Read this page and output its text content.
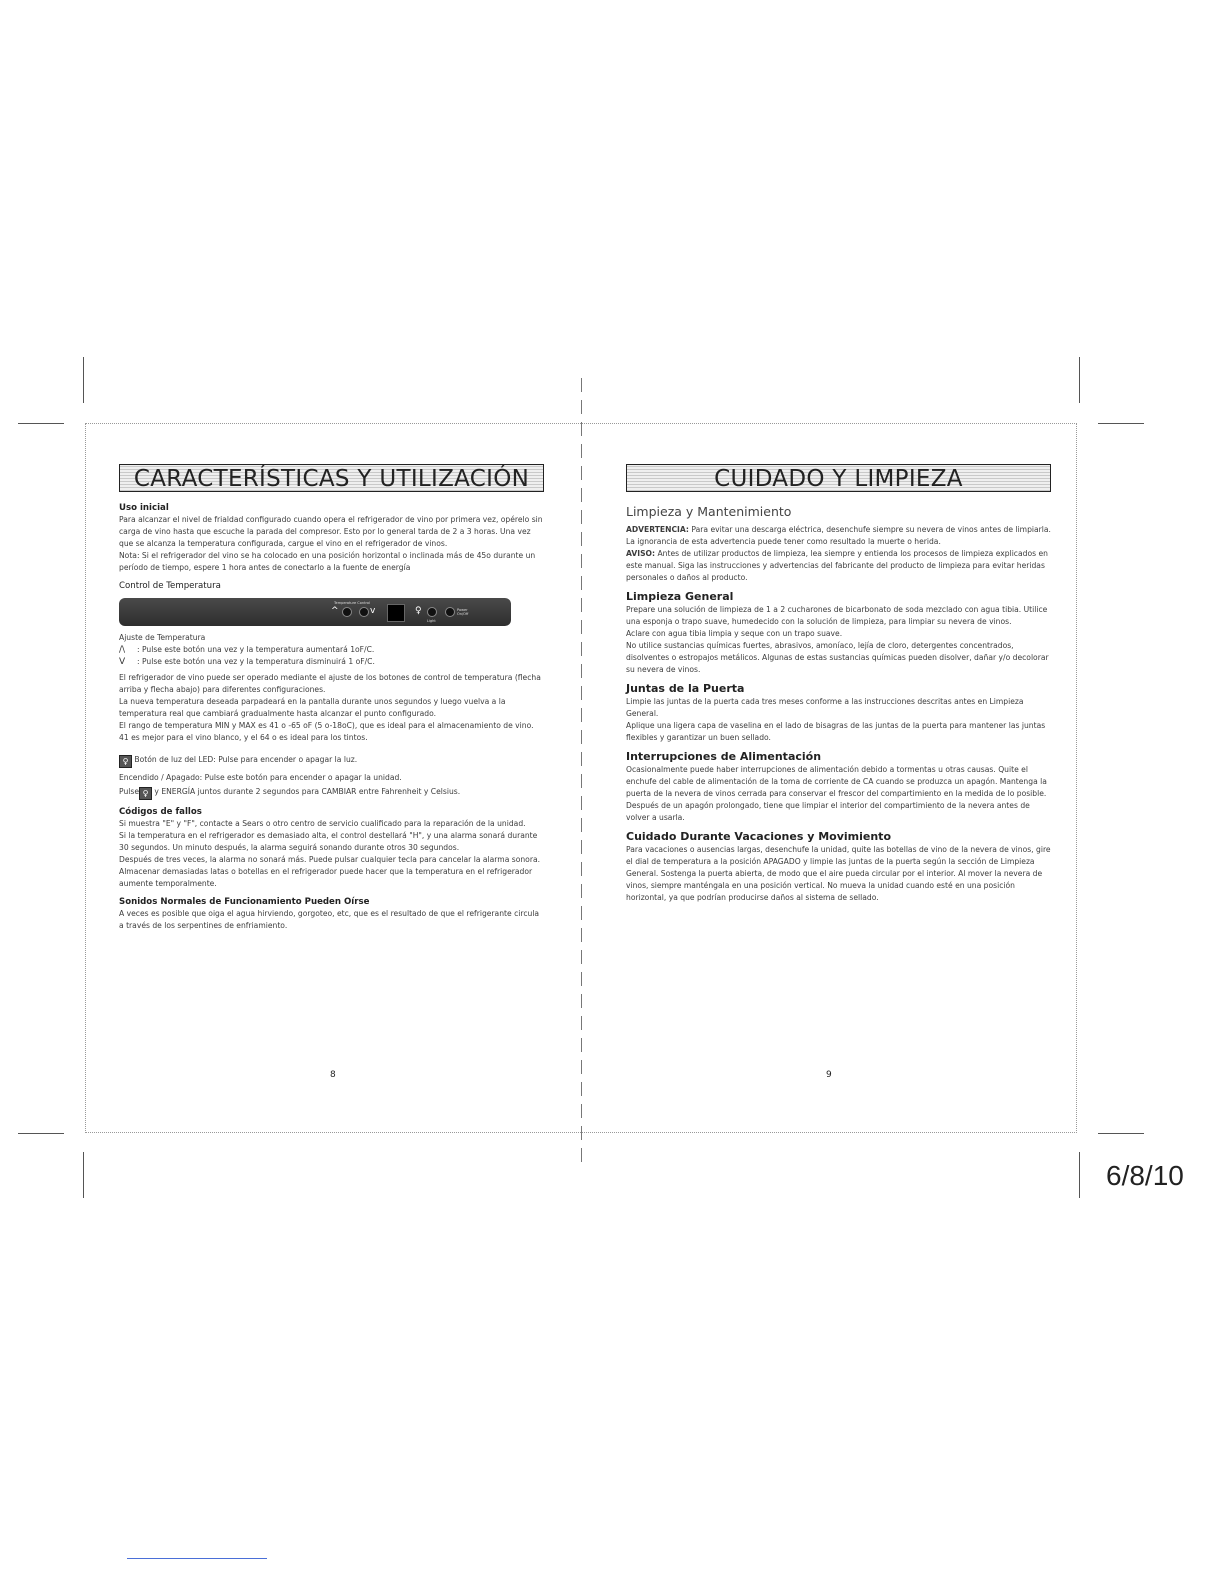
CARACTERÍSTICAS Y UTILIZACIÓN
Uso inicial

Para alcanzar el nivel de frialdad configurado cuando opera el refrigerador de vino por primera vez, opérelo sin carga de vino hasta que escuche la parada del compresor. Esto por lo general tarda de 2 a 3 horas. Una vez que se alcanza la temperatura configurada, cargue el vino en el refrigerador de vinos.

Nota: Si el refrigerador del vino se ha colocado en una posición horizontal o inclinada más de 45o durante un período de tiempo, espere 1 hora antes de conectarlo a la fuente de energía

Control de Temperatura
Temperature Control
^	v	♀
Light
Power On/Off

Ajuste de Temperatura

/\ : Pulse este botón una vez y la temperatura aumentará 1oF/C.

V : Pulse este botón una vez y la temperatura disminuirá 1 oF/C.

El refrigerador de vino puede ser operado mediante el ajuste de los botones de control de temperatura (flecha arriba y flecha abajo) para diferentes configuraciones.

La nueva temperatura deseada parpadeará en la pantalla durante unos segundos y luego vuelva a la temperatura real que cambiará gradualmente hasta alcanzar el punto configurado.

El rango de temperatura MIN y MAX es 41 o -65 oF (5 o-18oC), que es ideal para el almacenamiento de vino. 41 es mejor para el vino blanco, y el 64 o es ideal para los tintos.

♀ Botón de luz del LED: Pulse para encender o apagar la luz.

Encendido / Apagado: Pulse este botón para encender o apagar la unidad.

Pulse ♀ y ENERGÍA juntos durante 2 segundos para CAMBIAR entre Fahrenheit y Celsius.

Códigos de fallos

Si muestra "E" y "F", contacte a Sears o otro centro de servicio cualificado para la reparación de la unidad.

Si la temperatura en el refrigerador es demasiado alta, el control destellará "H", y una alarma sonará durante 30 segundos. Un minuto después, la alarma seguirá sonando durante otros 30 segundos.

Después de tres veces, la alarma no sonará más. Puede pulsar cualquier tecla para cancelar la alarma sonora.

Almacenar demasiadas latas o botellas en el refrigerador puede hacer que la temperatura en el refrigerador aumente temporalmente.

Sonidos Normales de Funcionamiento Pueden Oírse

A veces es posible que oiga el agua hirviendo, gorgoteo, etc, que es el resultado de que el refrigerante circula a través de los serpentines de enfriamiento.

8
CUIDADO Y LIMPIEZA
Limpieza y Mantenimiento

ADVERTENCIA: Para evitar una descarga eléctrica, desenchufe siempre su nevera de vinos antes de limpiarla. La ignorancia de esta advertencia puede tener como resultado la muerte o herida.

AVISO: Antes de utilizar productos de limpieza, lea siempre y entienda los procesos de limpieza explicados en este manual. Siga las instrucciones y advertencias del fabricante del producto de limpieza para evitar heridas personales o daños al producto.

Limpieza General

Prepare una solución de limpieza de 1 a 2 cucharones de bicarbonato de soda mezclado con agua tibia. Utilice una esponja o trapo suave, humedecido con la solución de limpieza, para limpiar su nevera de vinos.

Aclare con agua tibia limpia y seque con un trapo suave.

No utilice sustancias químicas fuertes, abrasivos, amoníaco, lejía de cloro, detergentes concentrados, disolventes o estropajos metálicos. Algunas de estas sustancias químicas pueden disolver, dañar y/o decolorar su nevera de vinos.

Juntas de la Puerta

Limpie las juntas de la puerta cada tres meses conforme a las instrucciones descritas antes en Limpieza General.

Aplique una ligera capa de vaselina en el lado de bisagras de las juntas de la puerta para mantener las juntas flexibles y garantizar un buen sellado.

Interrupciones de Alimentación

Ocasionalmente puede haber interrupciones de alimentación debido a tormentas u otras causas. Quite el enchufe del cable de alimentación de la toma de corriente de CA cuando se produzca un apagón. Mantenga la puerta de la nevera de vinos cerrada para conservar el frescor del compartimiento en la medida de lo posible. Después de un apagón prolongado, tiene que limpiar el interior del compartimiento de la nevera antes de volver a usarla.

Cuidado Durante Vacaciones y Movimiento

Para vacaciones o ausencias largas, desenchufe la unidad, quite las botellas de vino de la nevera de vinos, gire el dial de temperatura a la posición APAGADO y limpie las juntas de la puerta según la sección de Limpieza General. Sostenga la puerta abierta, de modo que el aire pueda circular por el interior. Al mover la nevera de vinos, siempre manténgala en una posición vertical. No mueva la unidad cuando esté en una posición horizontal, ya que podrían producirse daños al sistema de sellado.

9
6/8/10
